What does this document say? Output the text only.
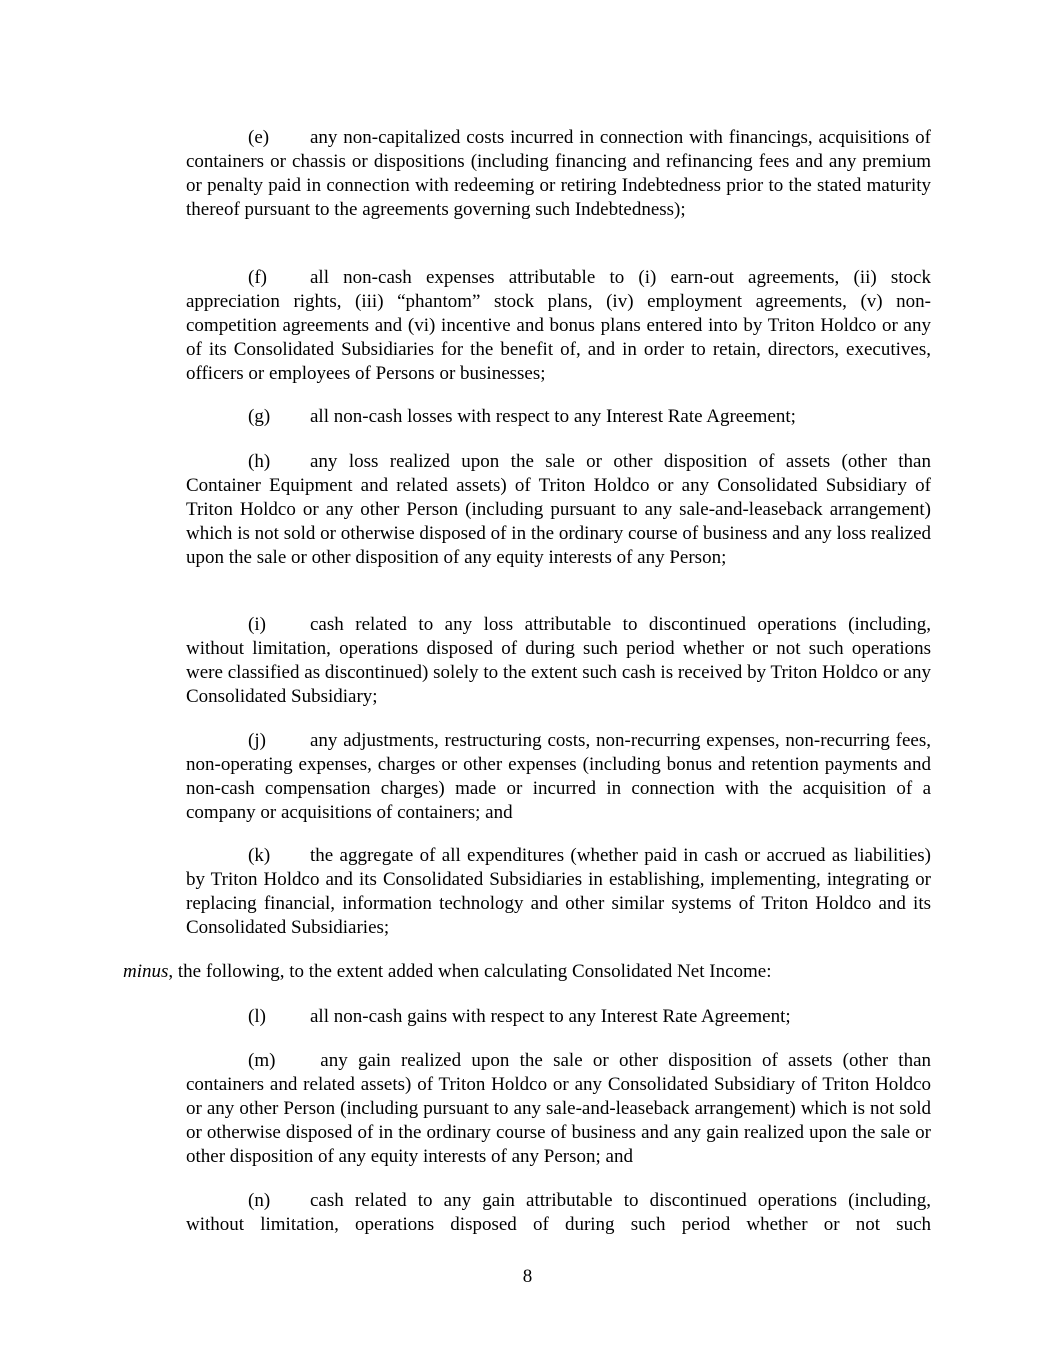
(e) any non-capitalized costs incurred in connection with financings, acquisitions of containers or chassis or dispositions (including financing and refinancing fees and any premium or penalty paid in connection with redeeming or retiring Indebtedness prior to the stated maturity thereof pursuant to the agreements governing such Indebtedness);

(f) all non-cash expenses attributable to (i) earn-out agreements, (ii) stock appreciation rights, (iii) “phantom” stock plans, (iv) employment agreements, (v) non-competition agreements and (vi) incentive and bonus plans entered into by Triton Holdco or any of its Consolidated Subsidiaries for the benefit of, and in order to retain, directors, executives, officers or employees of Persons or businesses;

(g) all non-cash losses with respect to any Interest Rate Agreement;

(h) any loss realized upon the sale or other disposition of assets (other than Container Equipment and related assets) of Triton Holdco or any Consolidated Subsidiary of Triton Holdco or any other Person (including pursuant to any sale-and-leaseback arrangement) which is not sold or otherwise disposed of in the ordinary course of business and any loss realized upon the sale or other disposition of any equity interests of any Person;

(i) cash related to any loss attributable to discontinued operations (including, without limitation, operations disposed of during such period whether or not such operations were classified as discontinued) solely to the extent such cash is received by Triton Holdco or any Consolidated Subsidiary;

(j) any adjustments, restructuring costs, non-recurring expenses, non-recurring fees, non-operating expenses, charges or other expenses (including bonus and retention payments and non-cash compensation charges) made or incurred in connection with the acquisition of a company or acquisitions of containers; and

(k) the aggregate of all expenditures (whether paid in cash or accrued as liabilities) by Triton Holdco and its Consolidated Subsidiaries in establishing, implementing, integrating or replacing financial, information technology and other similar systems of Triton Holdco and its Consolidated Subsidiaries;

minus, the following, to the extent added when calculating Consolidated Net Income:

(l) all non-cash gains with respect to any Interest Rate Agreement;

(m) any gain realized upon the sale or other disposition of assets (other than containers and related assets) of Triton Holdco or any Consolidated Subsidiary of Triton Holdco or any other Person (including pursuant to any sale-and-leaseback arrangement) which is not sold or otherwise disposed of in the ordinary course of business and any gain realized upon the sale or other disposition of any equity interests of any Person; and

(n) cash related to any gain attributable to discontinued operations (including, without limitation, operations disposed of during such period whether or not such

8
